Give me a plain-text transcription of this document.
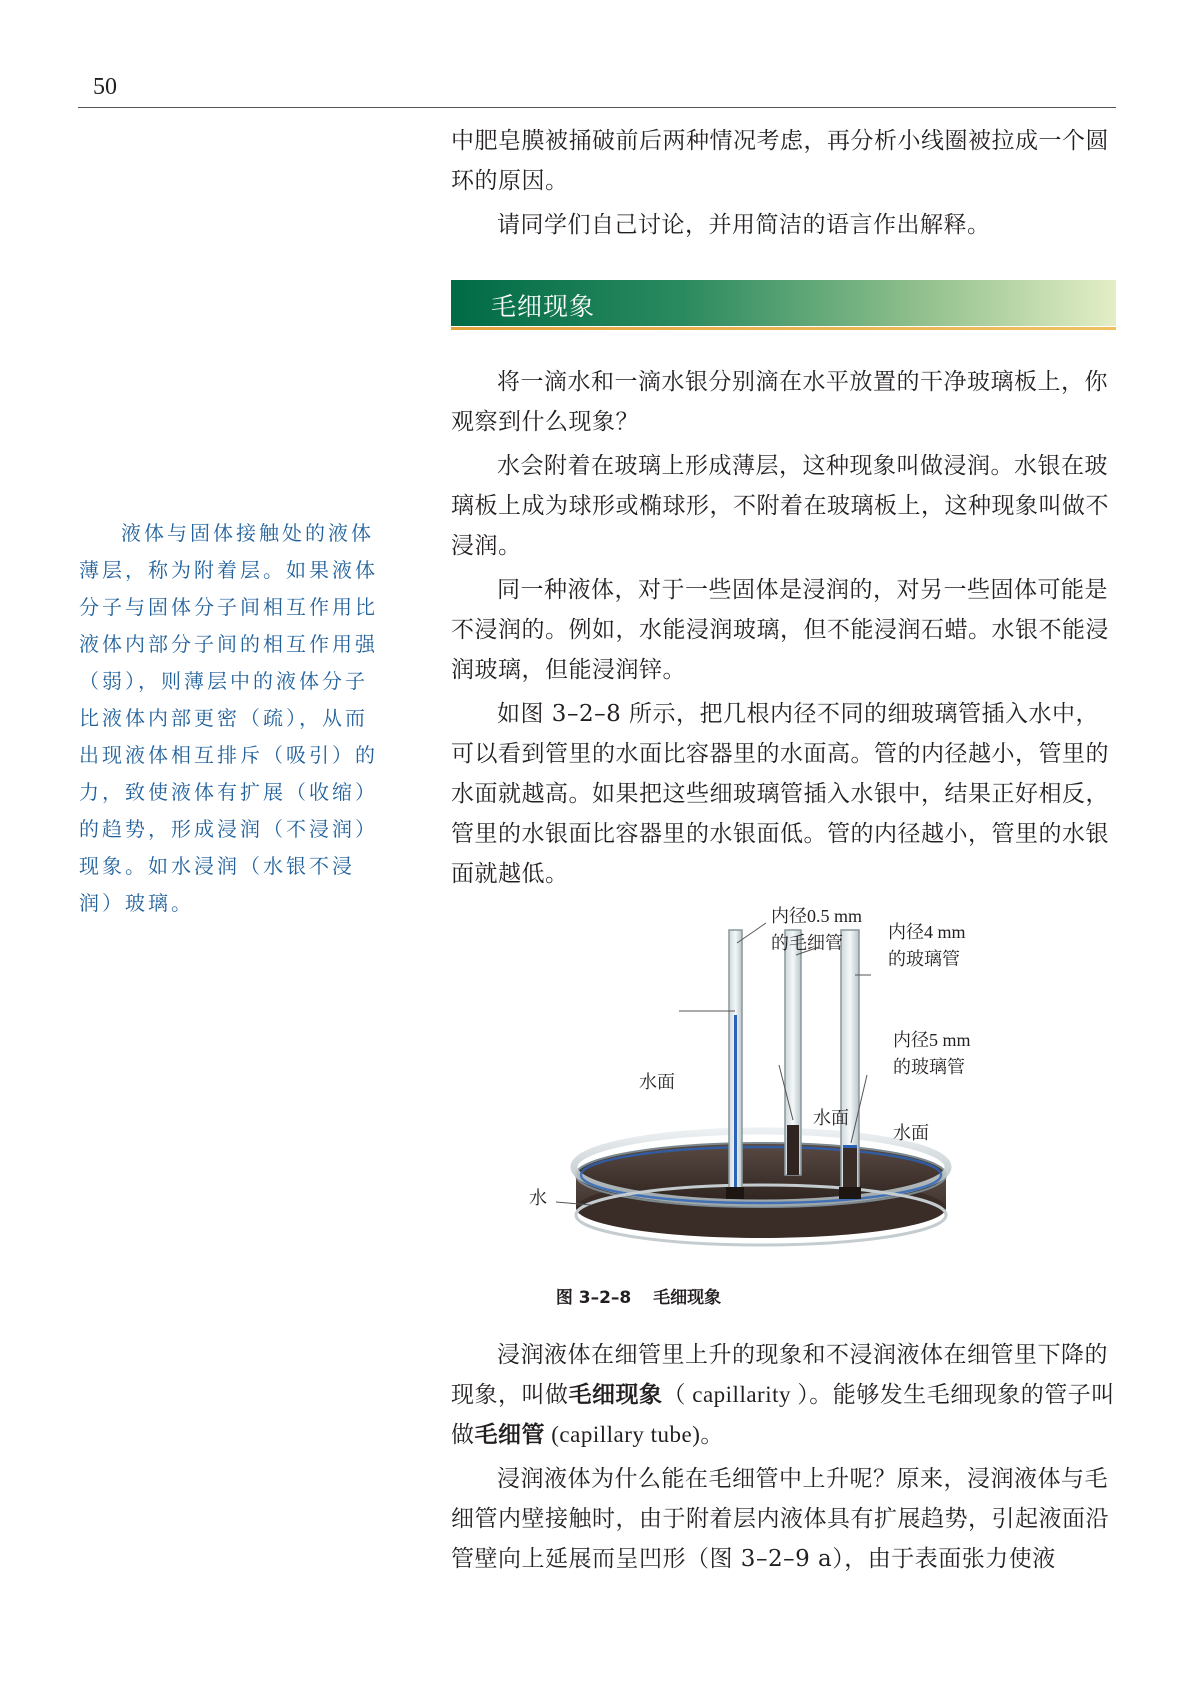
50

中肥皂膜被捅破前后两种情况考虑，再分析小线圈被拉成一个圆环的原因。

请同学们自己讨论，并用简洁的语言作出解释。

毛细现象

将一滴水和一滴水银分别滴在水平放置的干净玻璃板上，你观察到什么现象？

水会附着在玻璃上形成薄层，这种现象叫做浸润。水银在玻璃板上成为球形或椭球形，不附着在玻璃板上，这种现象叫做不浸润。

同一种液体，对于一些固体是浸润的，对另一些固体可能是不浸润的。例如，水能浸润玻璃，但不能浸润石蜡。水银不能浸润玻璃，但能浸润锌。

如图 3–2–8 所示，把几根内径不同的细玻璃管插入水中，可以看到管里的水面比容器里的水面高。管的内径越小，管里的水面就越高。如果把这些细玻璃管插入水银中，结果正好相反，管里的水银面比容器里的水银面低。管的内径越小，管里的水银面就越低。

液体与固体接触处的液体薄层，称为附着层。如果液体分子与固体分子间相互作用比液体内部分子间的相互作用强（弱），则薄层中的液体分子比液体内部更密（疏），从而出现液体相互排斥（吸引）的力，致使液体有扩展（收缩）的趋势，形成浸润（不浸润）现象。如水浸润（水银不浸润）玻璃。

内径0.5 mm
的毛细管
内径4 mm
的玻璃管
内径5 mm
的玻璃管
水面
水面
水面
水
图 3–2–8 毛细现象

浸润液体在细管里上升的现象和不浸润液体在细管里下降的现象，叫做毛细现象（ capillarity ）。能够发生毛细现象的管子叫做毛细管 (capillary tube)。

浸润液体为什么能在毛细管中上升呢？原来，浸润液体与毛细管内壁接触时，由于附着层内液体具有扩展趋势，引起液面沿管壁向上延展而呈凹形（图 3–2–9 a），由于表面张力使液
